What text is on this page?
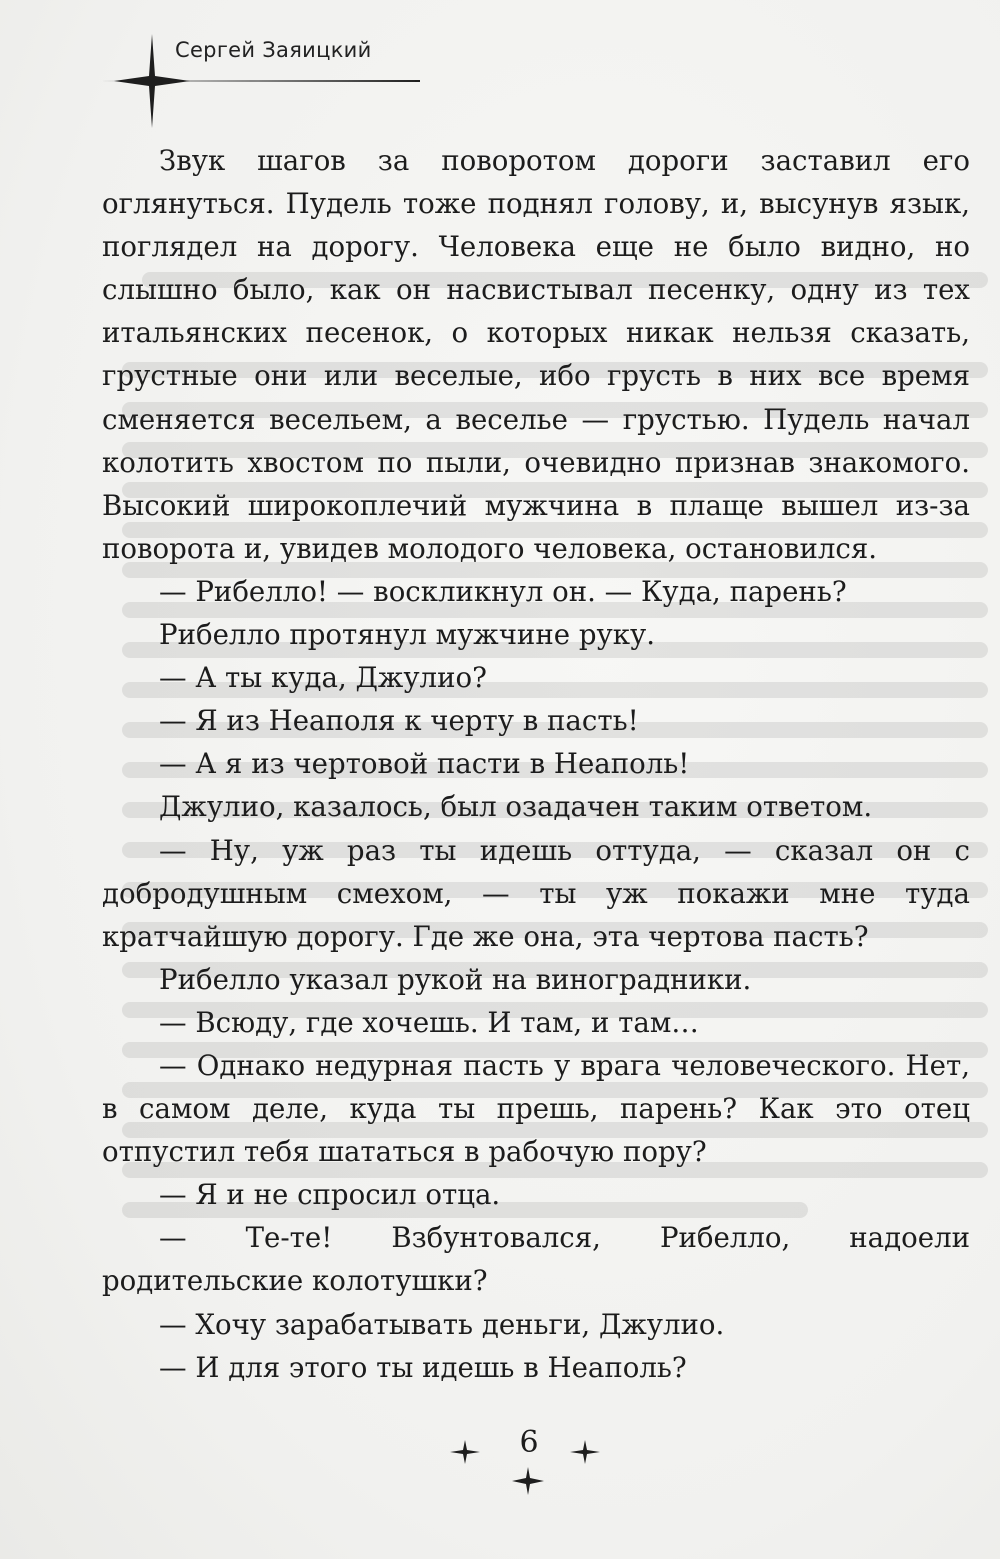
Сергей Заяицкий

Звук шагов за поворотом дороги заставил его оглянуться. Пудель тоже поднял голову, и, высунув язык, поглядел на дорогу. Человека еще не было видно, но слышно было, как он насвистывал песенку, одну из тех итальянских песенок, о которых никак нельзя сказать, грустные они или веселые, ибо грусть в них все время сменяется весельем, а веселье — грустью. Пудель начал колотить хвостом по пыли, очевидно признав знакомого. Высокий широкоплечий мужчина в плаще вышел из-за поворота и, увидев молодого человека, остановился.

— Рибелло! — воскликнул он. — Куда, парень?

Рибелло протянул мужчине руку.

— А ты куда, Джулио?

— Я из Неаполя к черту в пасть!

— А я из чертовой пасти в Неаполь!

Джулио, казалось, был озадачен таким ответом.

— Ну, уж раз ты идешь оттуда, — сказал он с добродушным смехом, — ты уж покажи мне туда кратчайшую дорогу. Где же она, эта чертова пасть?

Рибелло указал рукой на виноградники.

— Всюду, где хочешь. И там, и там…

— Однако недурная пасть у врага человеческого. Нет, в самом деле, куда ты прешь, парень? Как это отец отпустил тебя шататься в рабочую пору?

— Я и не спросил отца.

— Те-те! Взбунтовался, Рибелло, надоели родительские колотушки?

— Хочу зарабатывать деньги, Джулио.

— И для этого ты идешь в Неаполь?

6
